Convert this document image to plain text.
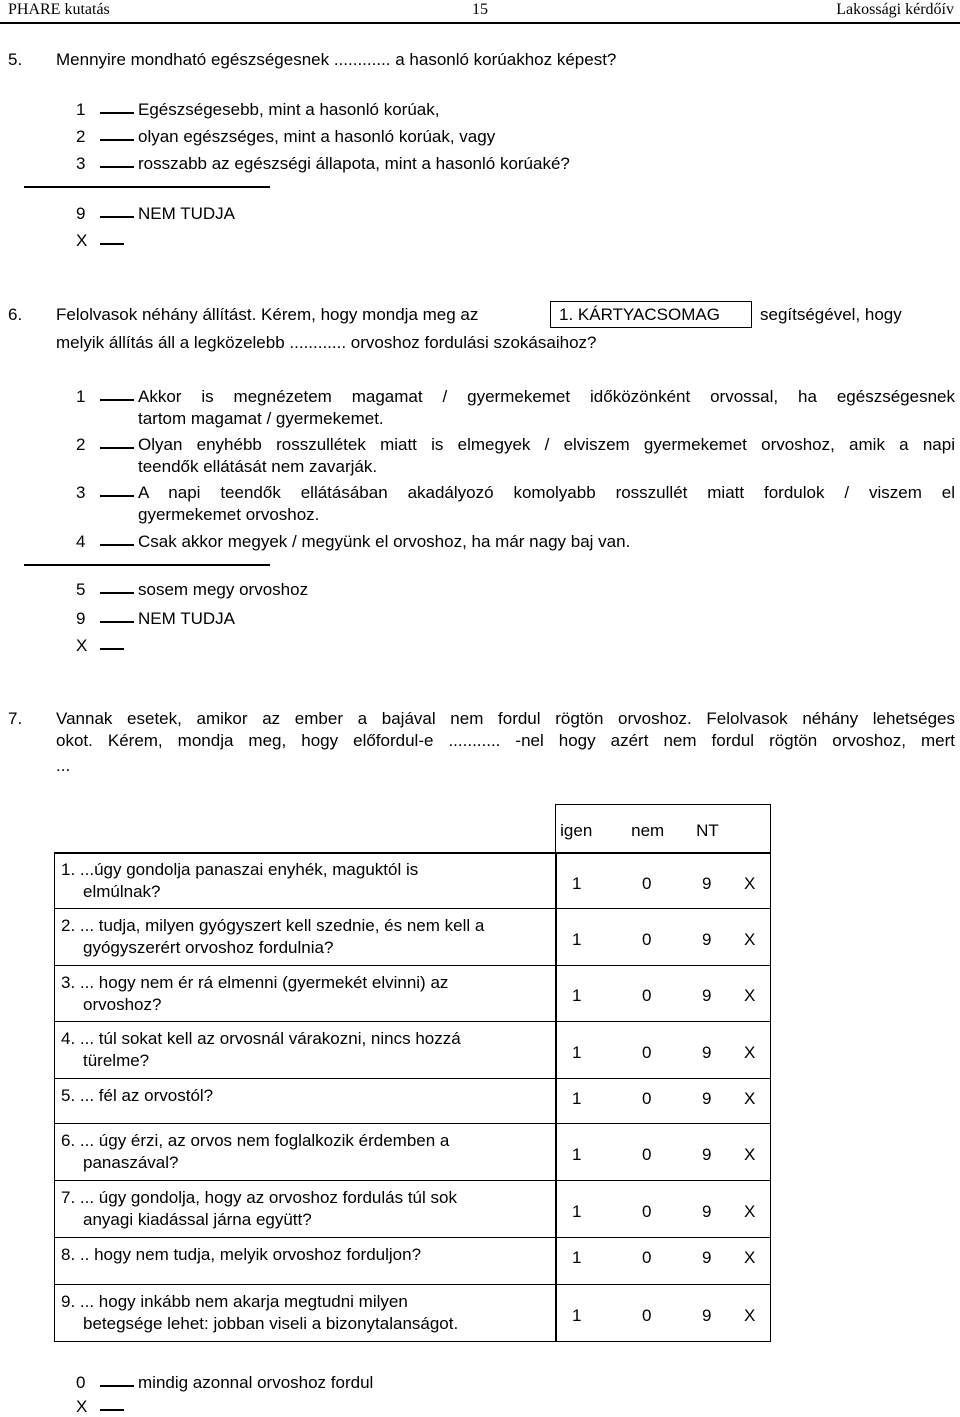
PHARE kutatás	15	Lakossági kérdőív
5. Mennyire mondható egészségesnek ............ a hasonló korúakhoz képest?
1	Egészségesebb, mint a hasonló korúak,
2	olyan egészséges, mint a hasonló korúak, vagy
3	rosszabb az egészségi állapota, mint a hasonló korúaké?
9	NEM TUDJA
X
6. Felolvasok néhány állítást. Kérem, hogy mondja meg az	1. KÁRTYACSOMAG segítségével, hogy
melyik állítás áll a legközelebb ............ orvoshoz fordulási szokásaihoz?
1	Akkor is megnézetem magamat / gyermekemet időközönként orvossal, ha egészségesnek
tartom magamat / gyermekemet.
2	Olyan enyhébb rosszullétek miatt is elmegyek / elviszem gyermekemet orvoshoz, amik a napi
teendők ellátását nem zavarják.
3	A napi teendők ellátásában akadályozó komolyabb rosszullét miatt fordulok / viszem el
gyermekemet orvoshoz.
4	Csak akkor megyek / megyünk el orvoshoz, ha már nagy baj van.
5	sosem megy orvoshoz
9	NEM TUDJA
X
7. Vannak esetek, amikor az ember a bajával nem fordul rögtön orvoshoz. Felolvasok néhány lehetséges
okot. Kérem, mondja meg, hogy előfordul-e ........... -nel hogy azért nem fordul rögtön orvoshoz, mert
...

igen nem NT
1. ...úgy gondolja panaszai enyhék, maguktól is
elmúlnak?	1	0	9 X
2. ... tudja, milyen gyógyszert kell szednie, és nem kell a
gyógyszerért orvoshoz fordulnia?	1	0	9 X
3. ... hogy nem ér rá elmenni (gyermekét elvinni) az
orvoshoz?	1	0	9 X
4. ... túl sokat kell az orvosnál várakozni, nincs hozzá
türelme?	1	0	9 X
5. ... fél az orvostól?	1	0	9 X
6. ... úgy érzi, az orvos nem foglalkozik érdemben a
panaszával?	1	0	9 X
7. ... úgy gondolja, hogy az orvoshoz fordulás túl sok
anyagi kiadással járna együtt?	1	0	9 X
8. .. hogy nem tudja, melyik orvoshoz forduljon?	1	0	9 X
9. ... hogy inkább nem akarja megtudni milyen
betegsége lehet: jobban viseli a bizonytalanságot.	1	0	9 X
0	mindig azonnal orvoshoz fordul
X
